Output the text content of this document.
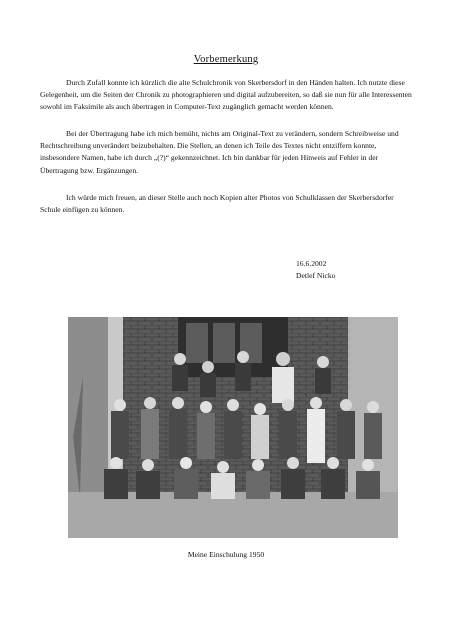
Vorbemerkung

Durch Zufall konnte ich kürzlich die alte Schulchronik von Skerbersdorf in den Händen halten. Ich nutzte diese Gelegenheit, um die Seiten der Chronik zu photographieren und digital aufzubereiten, so daß sie nun für alle Interessenten sowohl im Faksimile als auch übertragen in Computer-Text zugänglich gemacht werden können.

Bei der Übertragung habe ich mich bemüht, nichts am Original-Text zu verändern, sondern Schreibweise und Rechtschreibung unverändert beizubehalten. Die Stellen, an denen ich Teile des Textes nicht entziffern konnte, insbesondere Namen, habe ich durch „(?)“ gekennzeichnet. Ich bin dankbar für jeden Hinweis auf Fehler in der Übertragung bzw. Ergänzungen.

Ich würde mich freuen, an dieser Stelle auch noch Kopien alter Photos von Schulklassen der Skerbersdorfer Schule einfügen zu können.

16.6.2002
Detlef Nicko
Meine Einschulung 1950
